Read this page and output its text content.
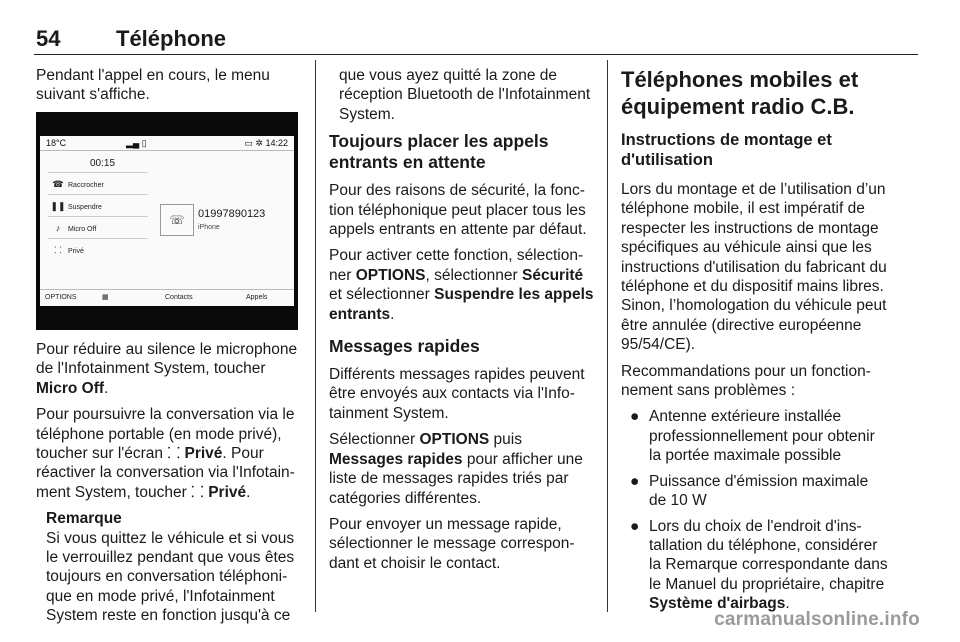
54	Téléphone

Pendant l'appel en cours, le menu suivant s'affiche.

18°C	▂▄ ▯	▭ ✲ 14:22
00:15
☎ Raccrocher
❚❚ Suspendre
♪ Micro Off
⸬ Privé
☏	01997890123
iPhone
OPTIONS	▦	Contacts	Appels

Pour réduire au silence le microphone de l'Infotainment System, toucher Micro Off.

Pour poursuivre la conversation via le téléphone portable (en mode privé), toucher sur l'écran ⸬ Privé. Pour réactiver la conversation via l'Infotainment System, toucher ⸬ Privé.

Remarque
Si vous quittez le véhicule et si vous le verrouillez pendant que vous êtes toujours en conversation téléphonique en mode privé, l'Infotainment System reste en fonction jusqu'à ce

que vous ayez quitté la zone de réception Bluetooth de l'Infotainment System.

Toujours placer les appels entrants en attente

Pour des raisons de sécurité, la fonction téléphonique peut placer tous les appels entrants en attente par défaut.

Pour activer cette fonction, sélectionner OPTIONS, sélectionner Sécurité et sélectionner Suspendre les appels entrants.

Messages rapides

Différents messages rapides peuvent être envoyés aux contacts via l'Infotainment System.

Sélectionner OPTIONS puis Messages rapides pour afficher une liste de messages rapides triés par catégories différentes.

Pour envoyer un message rapide, sélectionner le message correspondant et choisir le contact.

Téléphones mobiles et équipement radio C.B.
Instructions de montage et d'utilisation

Lors du montage et de l’utilisation d’un téléphone mobile, il est impératif de respecter les instructions de montage spécifiques au véhicule ainsi que les instructions d'utilisation du fabricant du téléphone et du dispositif mains libres. Sinon, l’homologation du véhicule peut être annulée (directive européenne 95/54/CE).

Recommandations pour un fonctionnement sans problèmes :

● Antenne extérieure installée professionnellement pour obtenir la portée maximale possible
● Puissance d'émission maximale de 10 W
● Lors du choix de l'endroit d'installation du téléphone, considérer la Remarque correspondante dans le Manuel du propriétaire, chapitre Système d'airbags.
carmanualsonline.info
